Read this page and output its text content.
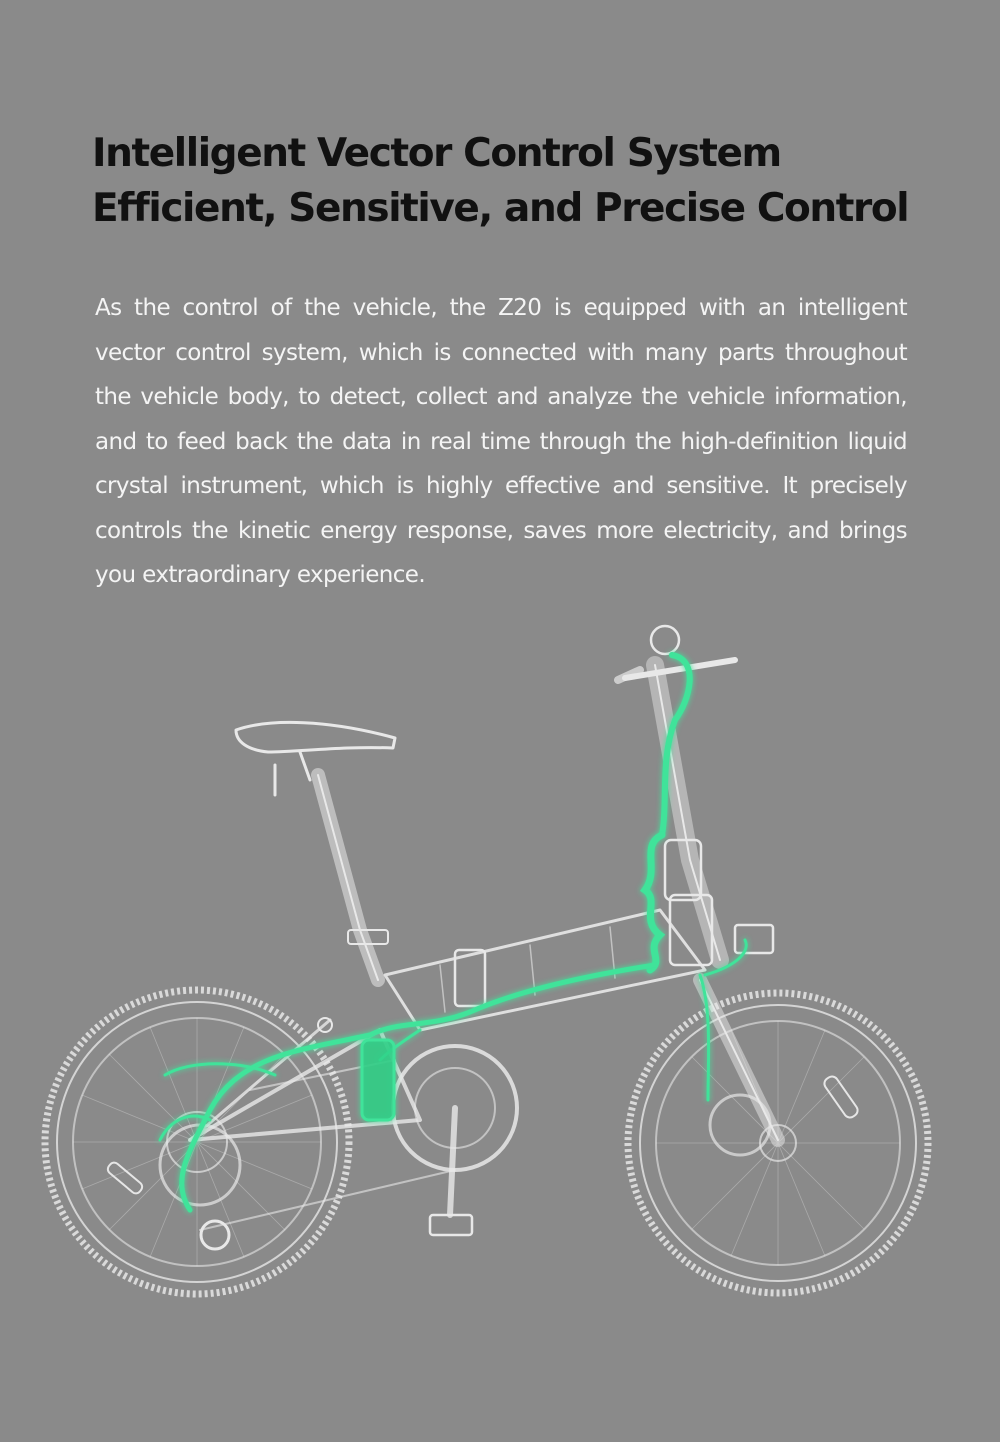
Intelligent Vector Control System
Efficient, Sensitive, and Precise Control

As the control of the vehicle, the Z20 is equipped with an intelligent vector control system, which is connected with many parts throughout the vehicle body, to detect, collect and analyze the vehicle information, and to feed back the data in real time through the high-definition liquid crystal instrument, which is highly effective and sensitive. It precisely controls the kinetic energy response, saves more electricity, and brings you extraordinary experience.
